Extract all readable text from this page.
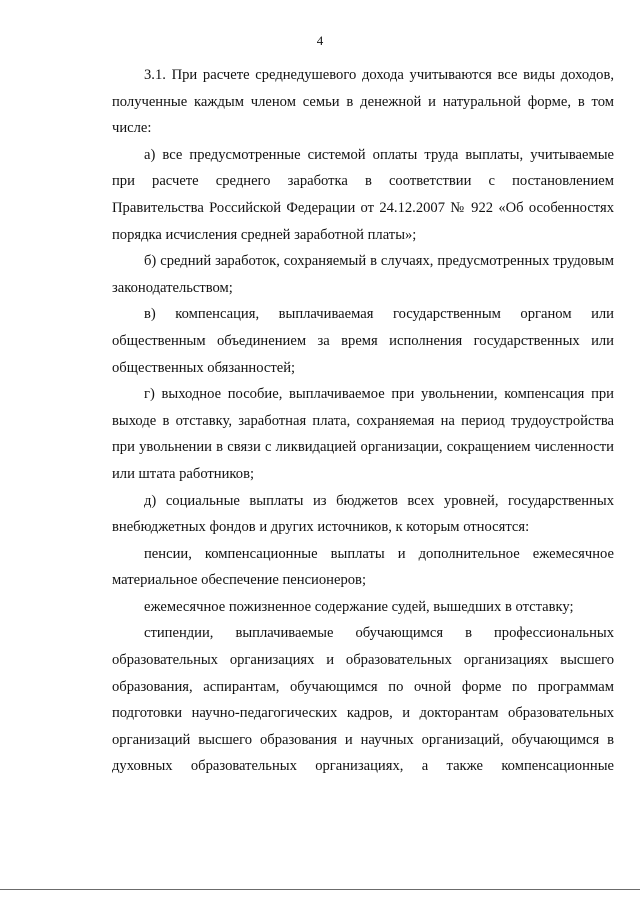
4

3.1. При расчете среднедушевого дохода учитываются все виды доходов, полученные каждым членом семьи в денежной и натуральной форме, в том числе:

а) все предусмотренные системой оплаты труда выплаты, учитываемые при расчете среднего заработка в соответствии с постановлением Правительства Российской Федерации от 24.12.2007 № 922 «Об особенностях порядка исчисления средней заработной платы»;

б) средний заработок, сохраняемый в случаях, предусмотренных трудовым законодательством;

в) компенсация, выплачиваемая государственным органом или общественным объединением за время исполнения государственных или общественных обязанностей;

г) выходное пособие, выплачиваемое при увольнении, компенсация при выходе в отставку, заработная плата, сохраняемая на период трудоустройства при увольнении в связи с ликвидацией организации, сокращением численности или штата работников;

д) социальные выплаты из бюджетов всех уровней, государственных внебюджетных фондов и других источников, к которым относятся:

пенсии, компенсационные выплаты и дополнительное ежемесячное материальное обеспечение пенсионеров;

ежемесячное пожизненное содержание судей, вышедших в отставку;

стипендии, выплачиваемые обучающимся в профессиональных образовательных организациях и образовательных организациях высшего образования, аспирантам, обучающимся по очной форме по программам подготовки научно-педагогических кадров, и докторантам образовательных организаций высшего образования и научных организаций, обучающимся в духовных образовательных организациях, а также компенсационные
